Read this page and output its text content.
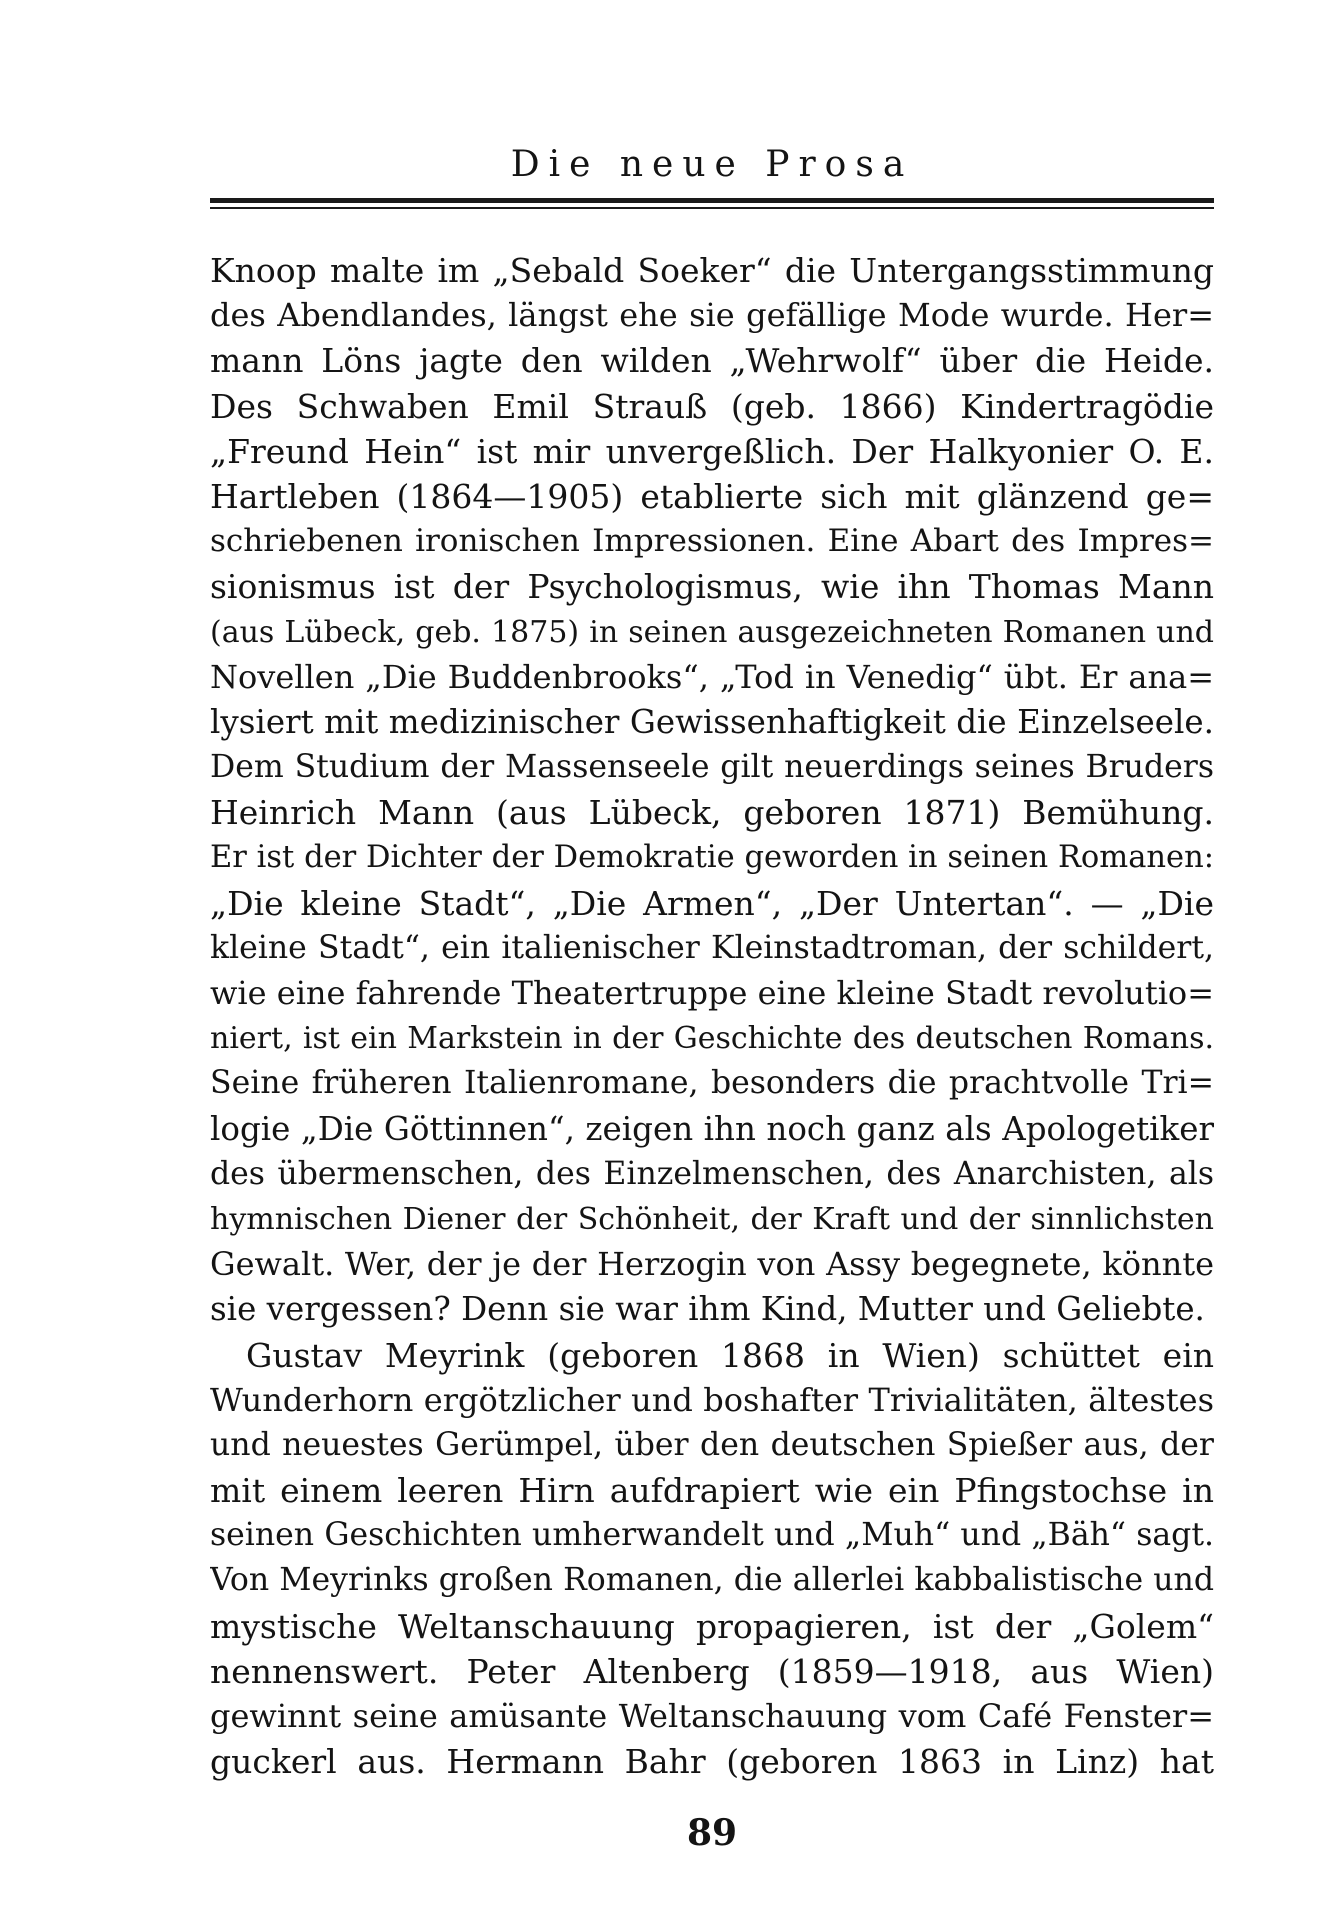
Die neue Prosa
Knoop malte im „Sebald Soeker“ die Untergangsstimmung
des Abendlandes, längst ehe sie gefällige Mode wurde. Her=
mann Löns jagte den wilden „Wehrwolf“ über die Heide.
Des Schwaben Emil Strauß (geb. 1866) Kindertragödie
„Freund Hein“ ist mir unvergeßlich. Der Halkyonier O. E.
Hartleben (1864—1905) etablierte sich mit glänzend ge=
schriebenen ironischen Impressionen. Eine Abart des Impres=
sionismus ist der Psychologismus, wie ihn Thomas Mann
(aus Lübeck, geb. 1875) in seinen ausgezeichneten Romanen und
Novellen „Die Buddenbrooks“, „Tod in Venedig“ übt. Er ana=
lysiert mit medizinischer Gewissenhaftigkeit die Einzelseele.
Dem Studium der Massenseele gilt neuerdings seines Bruders
Heinrich Mann (aus Lübeck, geboren 1871) Bemühung.
Er ist der Dichter der Demokratie geworden in seinen Romanen:
„Die kleine Stadt“, „Die Armen“, „Der Untertan“. — „Die
kleine Stadt“, ein italienischer Kleinstadtroman, der schildert,
wie eine fahrende Theatertruppe eine kleine Stadt revolutio=
niert, ist ein Markstein in der Geschichte des deutschen Romans.
Seine früheren Italienromane, besonders die prachtvolle Tri=
logie „Die Göttinnen“, zeigen ihn noch ganz als Apologetiker
des übermenschen, des Einzelmenschen, des Anarchisten, als
hymnischen Diener der Schönheit, der Kraft und der sinnlichsten
Gewalt. Wer, der je der Herzogin von Assy begegnete, könnte
sie vergessen? Denn sie war ihm Kind, Mutter und Geliebte.
Gustav Meyrink (geboren 1868 in Wien) schüttet ein
Wunderhorn ergötzlicher und boshafter Trivialitäten, ältestes
und neuestes Gerümpel, über den deutschen Spießer aus, der
mit einem leeren Hirn aufdrapiert wie ein Pfingstochse in
seinen Geschichten umherwandelt und „Muh“ und „Bäh“ sagt.
Von Meyrinks großen Romanen, die allerlei kabbalistische und
mystische Weltanschauung propagieren, ist der „Golem“
nennenswert. Peter Altenberg (1859—1918, aus Wien)
gewinnt seine amüsante Weltanschauung vom Café Fenster=
guckerl aus. Hermann Bahr (geboren 1863 in Linz) hat
89
